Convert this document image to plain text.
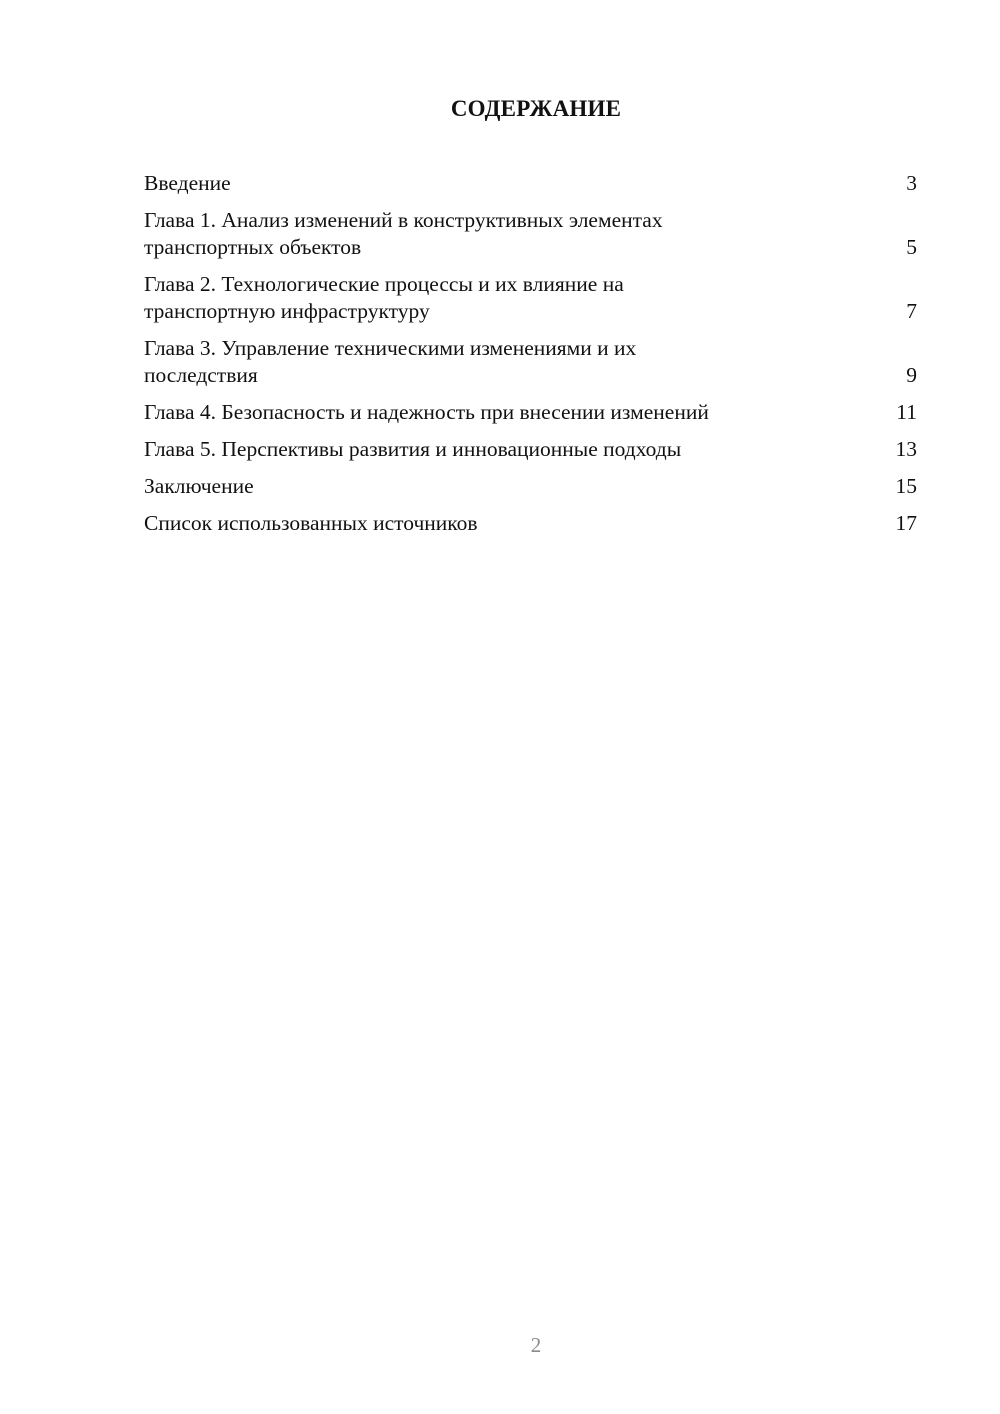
СОДЕРЖАНИЕ
Введение	3
Глава 1. Анализ изменений в конструктивных элементах
транспортных объектов	5
Глава 2. Технологические процессы и их влияние на
транспортную инфраструктуру	7
Глава 3. Управление техническими изменениями и их
последствия	9
Глава 4. Безопасность и надежность при внесении изменений	11
Глава 5. Перспективы развития и инновационные подходы	13
Заключение	15
Список использованных источников	17
2
